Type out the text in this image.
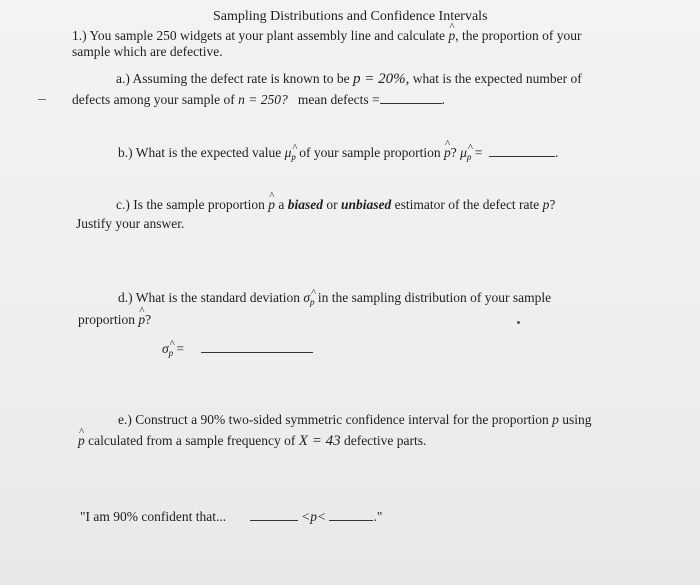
Sampling Distributions and Confidence Intervals
1.) You sample 250 widgets at your plant assembly line and calculate ^ p, the proportion of your
sample which are defective.
a.) Assuming the defect rate is known to be p = 20%, what is the expected number of
defects among your sample of n = 250? mean defects =	.
b.) What is the expected value μ^ p of your sample proportion ^ p? μ^ p =	.
c.) Is the sample proportion ^ p a biased or unbiased estimator of the defect rate p?
Justify your answer.
d.) What is the standard deviation σ^ p in the sampling distribution of your sample
proportion ^ p?
σ^ p =
e.) Construct a 90% two-sided symmetric confidence interval for the proportion p using
^ p calculated from a sample frequency of X = 43 defective parts.
"I am 90% confident that...	<p<	."
